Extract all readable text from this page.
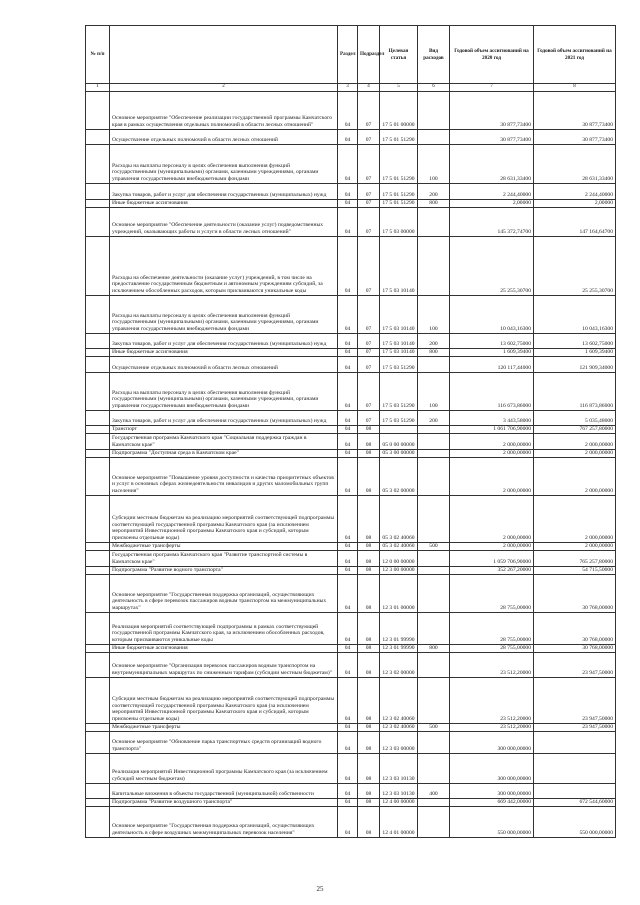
№ п/п		Раздел	Подраздел	Целевая статья	Вид расходов	Годовой объем ассигнований на 2020 год	Годовой объем ассигнований на 2021 год
1	2	3	4	5	6	7	8
	Основное мероприятие "Обеспечение реализации государственной программы Камчатского края в рамках осуществления отдельных полномочий в области лесных отношений"	04	07	17 5 01 00000		30 877,73400	30 877,73400
	Осуществление отдельных полномочий в области лесных отношений	04	07	17 5 01 51290		30 877,73400	30 877,73400
	Расходы на выплаты персоналу в целях обеспечения выполнения функций государственными (муниципальными) органами, казенными учреждениями, органами управления государственными внебюджетными фондами	04	07	17 5 01 51290	100	28 631,33400	28 631,33400
	Закупка товаров, работ и услуг для обеспечения государственных (муниципальных) нужд	04	07	17 5 01 51290	200	2 244,40000	2 244,40000
	Иные бюджетные ассигнования	04	07	17 5 01 51290	800	2,00000	2,00000
	Основное мероприятие "Обеспечение деятельности (оказание услуг) подведомственных учреждений, оказывающих работы и услуги в области лесных отношений"	04	07	17 5 03 00000		145 372,74700	147 164,64700
	Расходы на обеспечение деятельности (оказание услуг) учреждений, в том числе на предоставление государственным бюджетным и автономным учреждениям субсидий, за исключением обособленных расходов, которым присваиваются уникальные коды	04	07	17 5 03 10140		25 255,30700	25 255,30700
	Расходы на выплаты персоналу в целях обеспечения выполнения функций государственными (муниципальными) органами, казенными учреждениями, органами управления государственными внебюджетными фондами	04	07	17 5 03 10140	100	10 043,16300	10 043,16300
	Закупка товаров, работ и услуг для обеспечения государственных (муниципальных) нужд	04	07	17 5 03 10140	200	13 602,75000	13 602,75000
	Иные бюджетные ассигнования	04	07	17 5 03 10140	800	1 609,39400	1 609,39400
	Осуществление отдельных полномочий в области лесных отношений	04	07	17 5 03 51290		120 117,44000	121 909,34000
	Расходы на выплаты персоналу в целях обеспечения выполнения функций государственными (муниципальными) органами, казенными учреждениями, органами управления государственными внебюджетными фондами	04	07	17 5 03 51290	100	116 673,86000	116 873,86000
	Закупка товаров, работ и услуг для обеспечения государственных (муниципальных) нужд	04	07	17 5 03 51290	200	3 443,58000	5 035,48000
	Транспорт	04	08			1 061 706,90000	767 257,80000
	Государственная программа Камчатского края "Социальная поддержка граждан в Камчатском крае"	04	08	05 0 00 00000		2 000,00000	2 000,00000
	Подпрограмма "Доступная среда в Камчатском крае"	04	08	05 3 00 00000		2 000,00000	2 000,00000
	Основное мероприятие "Повышение уровня доступности и качества приоритетных объектов и услуг в основных сферах жизнедеятельности инвалидов и других маломобильных групп населения"	04	08	05 3 02 00000		2 000,00000	2 000,00000
	Субсидии местным бюджетам на реализацию мероприятий соответствующей подпрограммы соответствующей государственной программы Камчатского края (за исключением мероприятий Инвестиционной программы Камчатского края и субсидий, которым присвоены отдельные коды)	04	08	05 3 02 40060		2 000,00000	2 000,00000
	Межбюджетные трансферты	04	08	05 3 02 40060	500	2 000,00000	2 000,00000
	Государственная программа Камчатского края "Развитие транспортной системы в Камчатском крае"	04	08	12 0 00 00000		1 059 706,90000	765 257,80000
	Подпрограмма "Развитие водного транспорта"	04	08	12 3 00 00000		352 267,20000	54 715,50000
	Основное мероприятие "Государственная поддержка организаций, осуществляющих деятельность в сфере перевозок пассажиров водным транспортом на межмуниципальных маршрутах"	04	08	12 3 01 00000		28 755,00000	30 768,00000
	Реализация мероприятий соответствующей подпрограммы в рамках соответствующей государственной программы Камчатского края, за исключением обособленных расходов, которым присваиваются уникальные коды	04	08	12 3 01 99990		28 755,00000	30 768,00000
	Иные бюджетные ассигнования	04	08	12 3 01 99990	800	28 755,00000	30 768,00000
	Основное мероприятие "Организация перевозок пассажиров водным транспортом на внутримуниципальных маршрутах по сниженным тарифам (субсидии местным бюджетам)"	04	08	12 3 02 00000		23 512,20000	23 947,50000
	Субсидии местным бюджетам на реализацию мероприятий соответствующей подпрограммы соответствующей государственной программы Камчатского края (за исключением мероприятий Инвестиционной программы Камчатского края и субсидий, которым присвоены отдельные коды)	04	08	12 3 02 40060		23 512,20000	23 947,50000
	Межбюджетные трансферты	04	08	12 3 02 40060	500	23 512,20000	23 947,50000
	Основное мероприятие "Обновление парка транспортных средств организаций водного транспорта"	04	08	12 3 03 00000		300 000,00000	
	Реализация мероприятий Инвестиционной программы Камчатского края (за исключением субсидий местным бюджетам)	04	08	12 3 03 10130		300 000,00000	
	Капитальные вложения в объекты государственной (муниципальной) собственности	04	08	12 3 03 10130	400	300 000,00000	
	Подпрограмма "Развитие воздушного транспорта"	04	08	12 4 00 00000		669 442,00000	672 544,60000
	Основное мероприятие "Государственная поддержка организаций, осуществляющих деятельность в сфере воздушных межмуниципальных перевозок населения"	04	08	12 4 01 00000		550 000,00000	550 000,00000
25
